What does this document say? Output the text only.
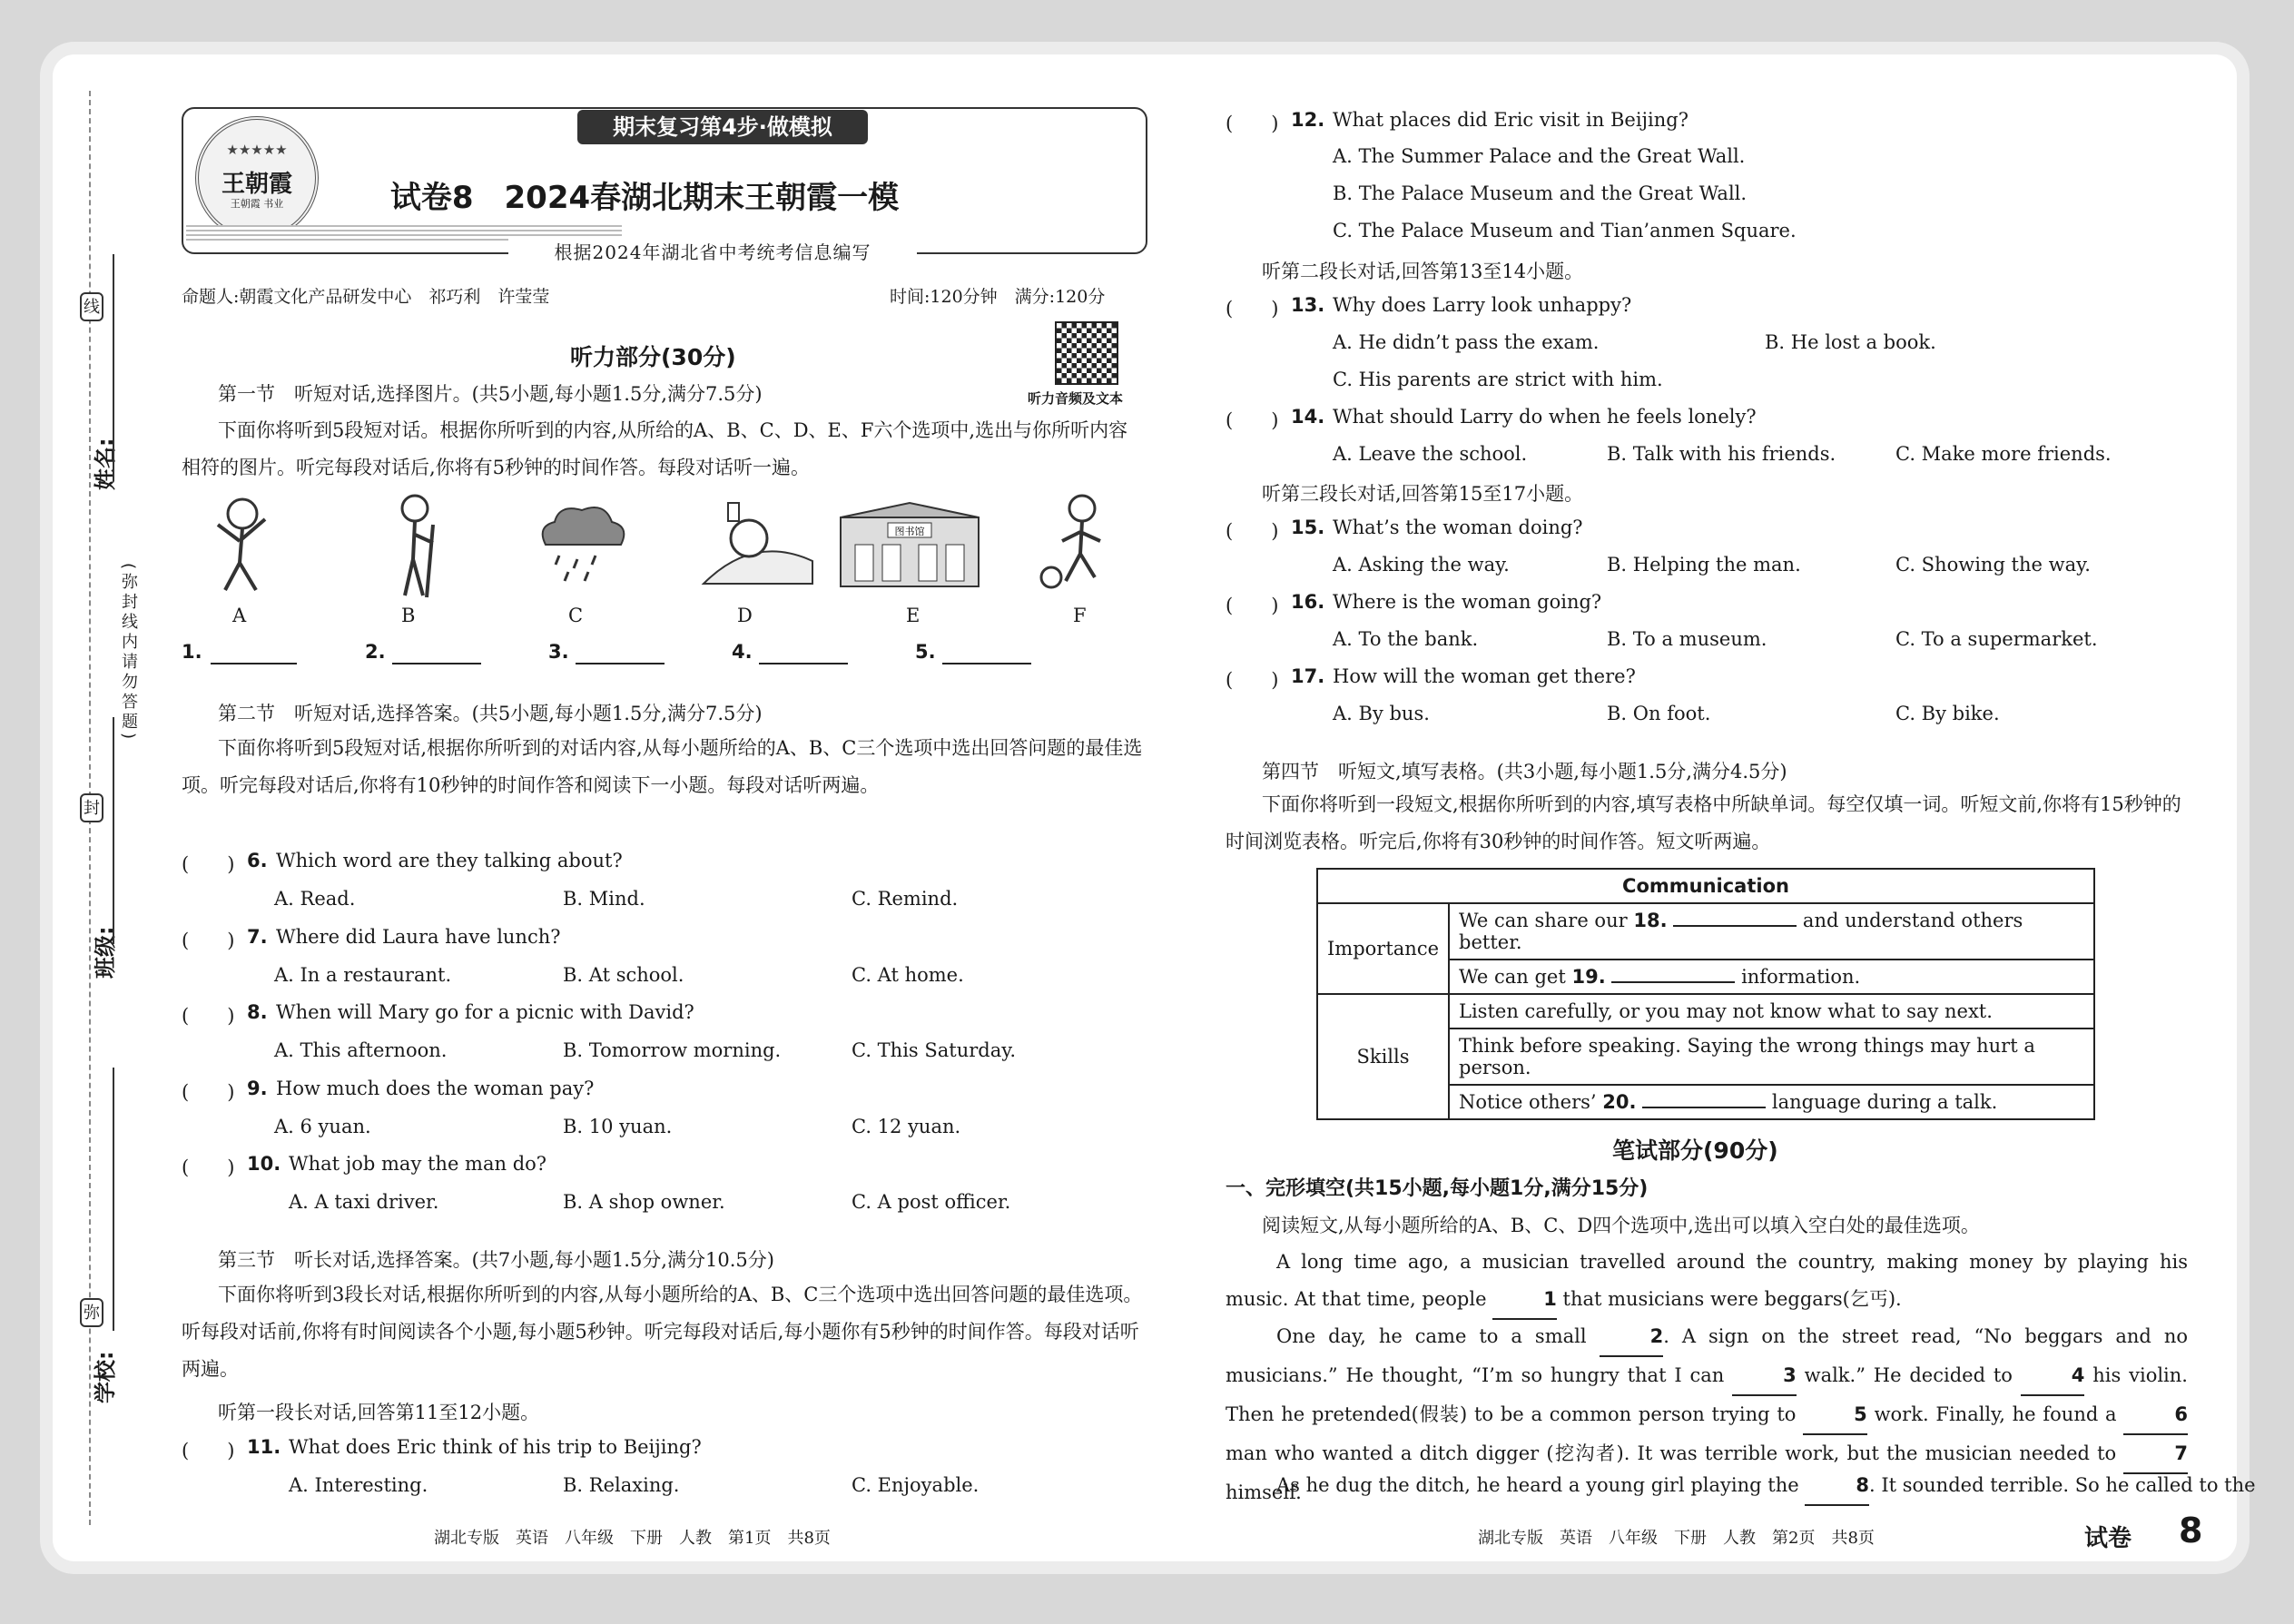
线
姓名:
(弥封线内请勿答题)
封
班级:
弥
学校:
★★★★★
王朝霞
王朝霞 书业
期末复习第4步·做模拟
试卷8　2024春湖北期末王朝霞一模
根据2024年湖北省中考统考信息编写
命题人:朝霞文化产品研发中心　祁巧利　许莹莹	时间:120分钟　满分:120分
听力音频及文本
听力部分(30分)
第一节　听短对话,选择图片。(共5小题,每小题1.5分,满分7.5分)
下面你将听到5段短对话。根据你所听到的内容,从所给的A、B、C、D、E、F六个选项中,选出与你所听内容相符的图片。听完每段对话后,你将有5秒钟的时间作答。每段对话听一遍。
图书馆
A	B	C	D	E	F
1.	2.	3.	4.	5.
第二节　听短对话,选择答案。(共5小题,每小题1.5分,满分7.5分)
下面你将听到5段短对话,根据你所听到的对话内容,从每小题所给的A、B、C三个选项中选出回答问题的最佳选项。听完每段对话后,你将有10秒钟的时间作答和阅读下一小题。每段对话听两遍。
(　　) 6. Which word are they talking about?
A. Read.	B. Mind.	C. Remind.
(　　) 7. Where did Laura have lunch?
A. In a restaurant.	B. At school.	C. At home.
(　　) 8. When will Mary go for a picnic with David?
A. This afternoon.	B. Tomorrow morning.	C. This Saturday.
(　　) 9. How much does the woman pay?
A. 6 yuan.	B. 10 yuan.	C. 12 yuan.
(　　) 10. What job may the man do?
A. A taxi driver.	B. A shop owner.	C. A post officer.
第三节　听长对话,选择答案。(共7小题,每小题1.5分,满分10.5分)
下面你将听到3段长对话,根据你所听到的内容,从每小题所给的A、B、C三个选项中选出回答问题的最佳选项。听每段对话前,你将有时间阅读各个小题,每小题5秒钟。听完每段对话后,每小题你有5秒钟的时间作答。每段对话听两遍。
听第一段长对话,回答第11至12小题。
(　　) 11. What does Eric think of his trip to Beijing?
A. Interesting.	B. Relaxing.	C. Enjoyable.
(　　) 12. What places did Eric visit in Beijing?
A. The Summer Palace and the Great Wall.
B. The Palace Museum and the Great Wall.
C. The Palace Museum and Tian’anmen Square.
听第二段长对话,回答第13至14小题。
(　　) 13. Why does Larry look unhappy?
A. He didn’t pass the exam.	B. He lost a book.
C. His parents are strict with him.
(　　) 14. What should Larry do when he feels lonely?
A. Leave the school.	B. Talk with his friends.	C. Make more friends.
听第三段长对话,回答第15至17小题。
(　　) 15. What’s the woman doing?
A. Asking the way.	B. Helping the man.	C. Showing the way.
(　　) 16. Where is the woman going?
A. To the bank.	B. To a museum.	C. To a supermarket.
(　　) 17. How will the woman get there?
A. By bus.	B. On foot.	C. By bike.
第四节　听短文,填写表格。(共3小题,每小题1.5分,满分4.5分)
下面你将听到一段短文,根据你所听到的内容,填写表格中所缺单词。每空仅填一词。听短文前,你将有15秒钟的时间浏览表格。听完后,你将有30秒钟的时间作答。短文听两遍。
Communication	
Importance	We can share our 18. and understand others better.
	We can get 19. information.
Skills	Listen carefully, or you may not know what to say next.
	Think before speaking. Saying the wrong things may hurt a person.
	Notice others’ 20. language during a talk.
笔试部分(90分)
一、完形填空(共15小题,每小题1分,满分15分)
阅读短文,从每小题所给的A、B、C、D四个选项中,选出可以填入空白处的最佳选项。
A long time ago, a musician travelled around the country, making money by playing his music. At that time, people	1 that musicians were beggars(乞丐).
One day, he came to a small	2. A sign on the street read, “No beggars and no musicians.” He thought, “I’m so hungry that I can	3 walk.” He decided to	4 his violin. Then he pretended(假装) to be a common person trying to	5 work. Finally, he found a	6 man who wanted a ditch digger (挖沟者). It was terrible work, but the musician needed to	7 himself.
As he dug the ditch, he heard a young girl playing the	8. It sounded terrible. So he called to the
湖北专版　英语　八年级　下册　人教　第1页　共8页	湖北专版　英语　八年级　下册　人教　第2页　共8页	试卷 8
